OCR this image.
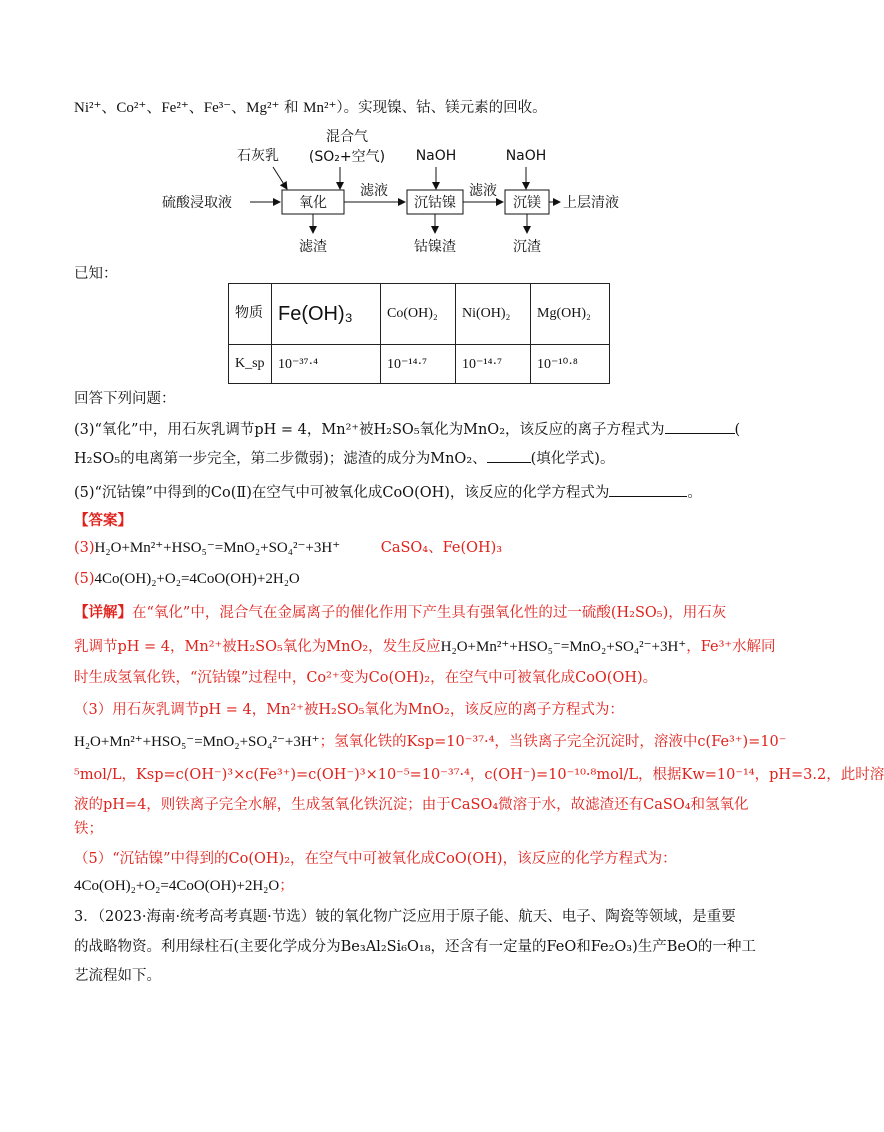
Ni²⁺、Co²⁺、Fe²⁺、Fe³⁻、Mg²⁺ 和 Mn²⁺）。实现镍、钴、镁元素的回收。
石灰乳
混合气
(SO₂+空气) NaOH	NaOH
硫酸浸取液	氧化
滤液
沉钴镍
滤液
沉镁 上层清液
滤渣	钴镍渣	沉渣
已知：
物质	Fe(OH)₃	Co(OH)₂	Ni(OH)₂	Mg(OH)₂
K_sp	10⁻³⁷·⁴	10⁻¹⁴·⁷	10⁻¹⁴·⁷	10⁻¹⁰·⁸
回答下列问题：
(3)“氧化”中，用石灰乳调节pH = 4，Mn²⁺被H₂SO₅氧化为MnO₂，该反应的离子方程式为	(
H₂SO₅的电离第一步完全，第二步微弱)；滤渣的成分为MnO₂、	(填化学式)。
(5)“沉钴镍”中得到的Co(Ⅱ)在空气中可被氧化成CoO(OH)，该反应的化学方程式为	。
【答案】
(3)H₂O+Mn²⁺+HSO₅⁻=MnO₂+SO₄²⁻+3H⁺	CaSO₄、Fe(OH)₃
(5)4Co(OH)₂+O₂=4CoO(OH)+2H₂O
【详解】在“氧化”中，混合气在金属离子的催化作用下产生具有强氧化性的过一硫酸(H₂SO₅)，用石灰
乳调节pH = 4，Mn²⁺被H₂SO₅氧化为MnO₂，发生反应H₂O+Mn²⁺+HSO₅⁻=MnO₂+SO₄²⁻+3H⁺，Fe³⁺水解同
时生成氢氧化铁，“沉钴镍”过程中，Co²⁺变为Co(OH)₂，在空气中可被氧化成CoO(OH)。
（3）用石灰乳调节pH = 4，Mn²⁺被H₂SO₅氧化为MnO₂，该反应的离子方程式为：
H₂O+Mn²⁺+HSO₅⁻=MnO₂+SO₄²⁻+3H⁺；氢氧化铁的Ksp=10⁻³⁷·⁴，当铁离子完全沉淀时，溶液中c(Fe³⁺)=10⁻
⁵mol/L，Ksp=c(OH⁻)³×c(Fe³⁺)=c(OH⁻)³×10⁻⁵=10⁻³⁷·⁴，c(OH⁻)=10⁻¹⁰·⁸mol/L，根据Kw=10⁻¹⁴，pH=3.2，此时溶
液的pH=4，则铁离子完全水解，生成氢氧化铁沉淀；由于CaSO₄微溶于水，故滤渣还有CaSO₄和氢氧化
铁；
（5）“沉钴镍”中得到的Co(OH)₂，在空气中可被氧化成CoO(OH)，该反应的化学方程式为：
4Co(OH)₂+O₂=4CoO(OH)+2H₂O；
3．（2023·海南·统考高考真题·节选）铍的氧化物广泛应用于原子能、航天、电子、陶瓷等领域，是重要
的战略物资。利用绿柱石(主要化学成分为Be₃Al₂Si₆O₁₈，还含有一定量的FeO和Fe₂O₃)生产BeO的一种工
艺流程如下。
